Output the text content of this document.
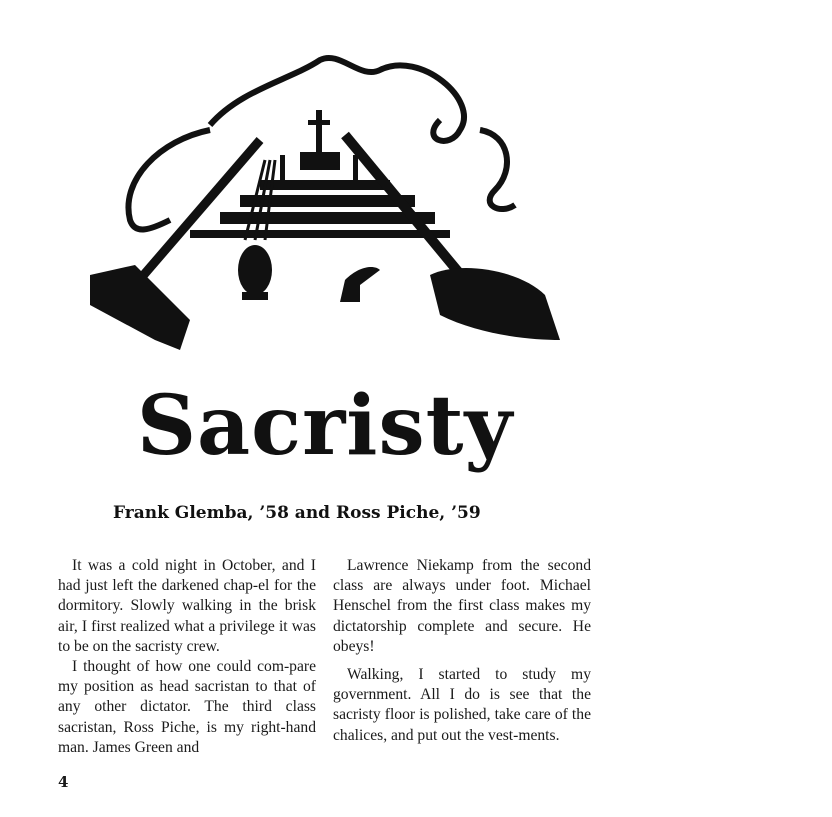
Sacristy
Frank Glemba, ’58 and Ross Piche, ’59

It was a cold night in October, and I had just left the darkened chap-el for the dormitory. Slowly walking in the brisk air, I first realized what a privilege it was to be on the sacristy crew.

I thought of how one could com-pare my position as head sacristan to that of any other dictator. The third class sacristan, Ross Piche, is my right-hand man. James Green and

Lawrence Niekamp from the second class are always under foot. Michael Henschel from the first class makes my dictatorship complete and secure. He obeys!

Walking, I started to study my government. All I do is see that the sacristy floor is polished, take care of the chalices, and put out the vest-ments.

4
